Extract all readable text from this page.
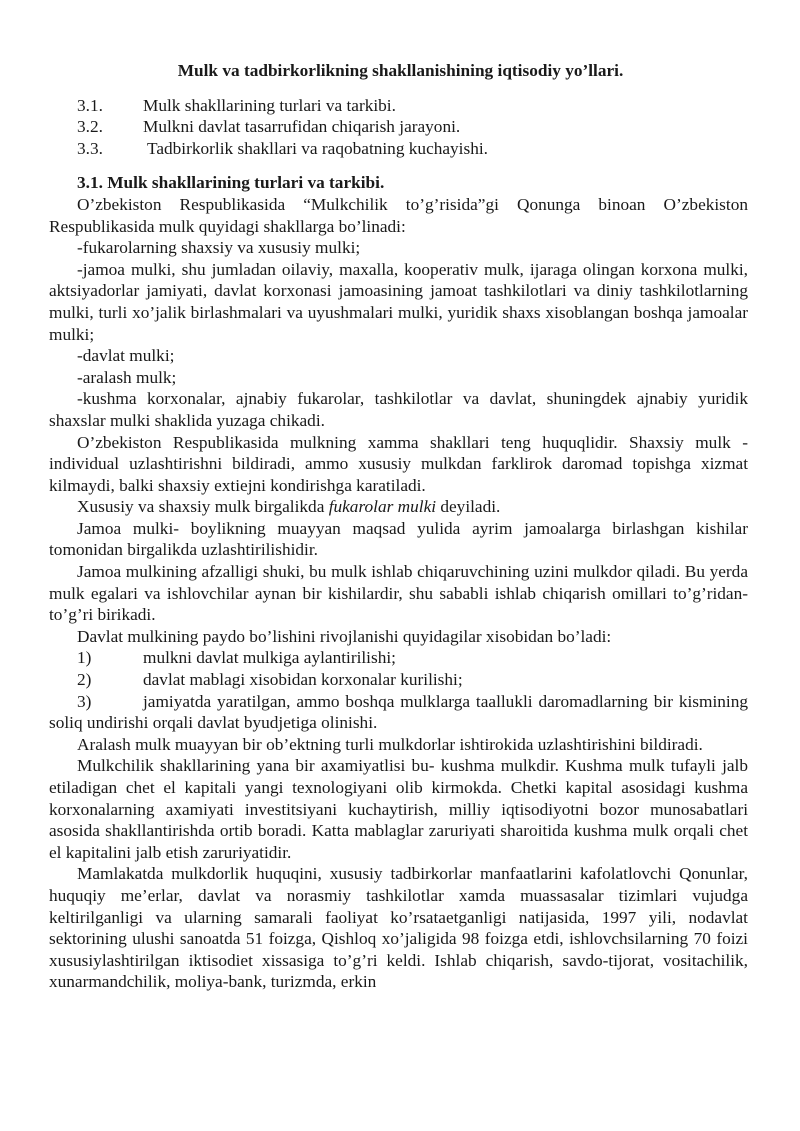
Mulk va tadbirkorlikning shakllanishining iqtisodiy yo’llari.
3.1.	Mulk shakllarining turlari va tarkibi.
3.2.	Mulkni davlat tasarrufidan chiqarish jarayoni.
3.3.	Tadbirkorlik shakllari va raqobatning kuchayishi.
3.1. Mulk shakllarining turlari va tarkibi.

O’zbekiston Respublikasida “Mulkchilik to’g’risida”gi Qonunga binoan O’zbekiston Respublikasida mulk quyidagi shakllarga bo’linadi:

-fukarolarning shaxsiy va xususiy mulki;

-jamoa mulki, shu jumladan oilaviy, maxalla, kooperativ mulk, ijaraga olingan korxona mulki, aktsiyadorlar jamiyati, davlat korxonasi jamoasining jamoat tashkilotlari va diniy tashkilotlarning mulki, turli xo’jalik birlashmalari va uyushmalari mulki, yuridik shaxs xisoblangan boshqa jamoalar mulki;

-davlat mulki;

-aralash mulk;

-kushma korxonalar, ajnabiy fukarolar, tashkilotlar va davlat, shuningdek ajnabiy yuridik shaxslar mulki shaklida yuzaga chikadi.

O’zbekiston Respublikasida mulkning xamma shakllari teng huquqlidir. Shaxsiy mulk - individual uzlashtirishni bildiradi, ammo xususiy mulkdan farklirok daromad topishga xizmat kilmaydi, balki shaxsiy extiejni kondirishga karatiladi.

Xususiy va shaxsiy mulk birgalikda fukarolar mulki deyiladi.

Jamoa mulki- boylikning muayyan maqsad yulida ayrim jamoalarga birlashgan kishilar tomonidan birgalikda uzlashtirilishidir.

Jamoa mulkining afzalligi shuki, bu mulk ishlab chiqaruvchining uzini mulkdor qiladi. Bu yerda mulk egalari va ishlovchilar aynan bir kishilardir, shu sababli ishlab chiqarish omillari to’g’ridan- to’g’ri birikadi.

Davlat mulkining paydo bo’lishini rivojlanishi quyidagilar xisobidan bo’ladi:

1)	mulkni davlat mulkiga aylantirilishi;
2)	davlat mablagi xisobidan korxonalar kurilishi;
3)	jamiyatda yaratilgan, ammo boshqa mulklarga taallukli daromadlarning bir kismining soliq undirishi orqali davlat byudjetiga olinishi.

Aralash mulk muayyan bir ob’ektning turli mulkdorlar ishtirokida uzlashtirishini bildiradi.

Mulkchilik shakllarining yana bir axamiyatlisi bu- kushma mulkdir. Kushma mulk tufayli jalb etiladigan chet el kapitali yangi texnologiyani olib kirmokda. Chetki kapital asosidagi kushma korxonalarning axamiyati investitsiyani kuchaytirish, milliy iqtisodiyotni bozor munosabatlari asosida shakllantirishda ortib boradi. Katta mablaglar zaruriyati sharoitida kushma mulk orqali chet el kapitalini jalb etish zaruriyatidir.

Mamlakatda mulkdorlik huquqini, xususiy tadbirkorlar manfaatlarini kafolatlovchi Qonunlar, huquqiy me’erlar, davlat va norasmiy tashkilotlar xamda muassasalar tizimlari vujudga keltirilganligi va ularning samarali faoliyat ko’rsataetganligi natijasida, 1997 yili, nodavlat sektorining ulushi sanoatda 51 foizga, Qishloq xo’jaligida 98 foizga etdi, ishlovchsilarning 70 foizi xususiylashtirilgan iktisodiet xissasiga to’g’ri keldi. Ishlab chiqarish, savdo-tijorat, vositachilik, xunarmandchilik, moliya-bank, turizmda, erkin
